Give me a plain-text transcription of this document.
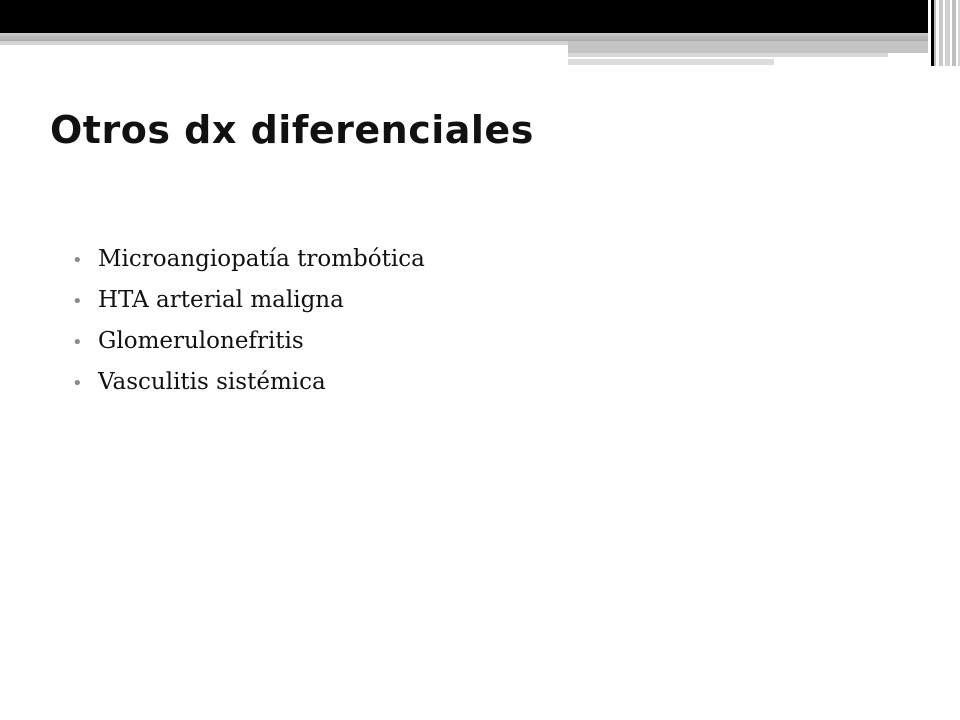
Otros dx diferenciales
• Microangiopatía trombótica
• HTA arterial maligna
• Glomerulonefritis
• Vasculitis sistémica
